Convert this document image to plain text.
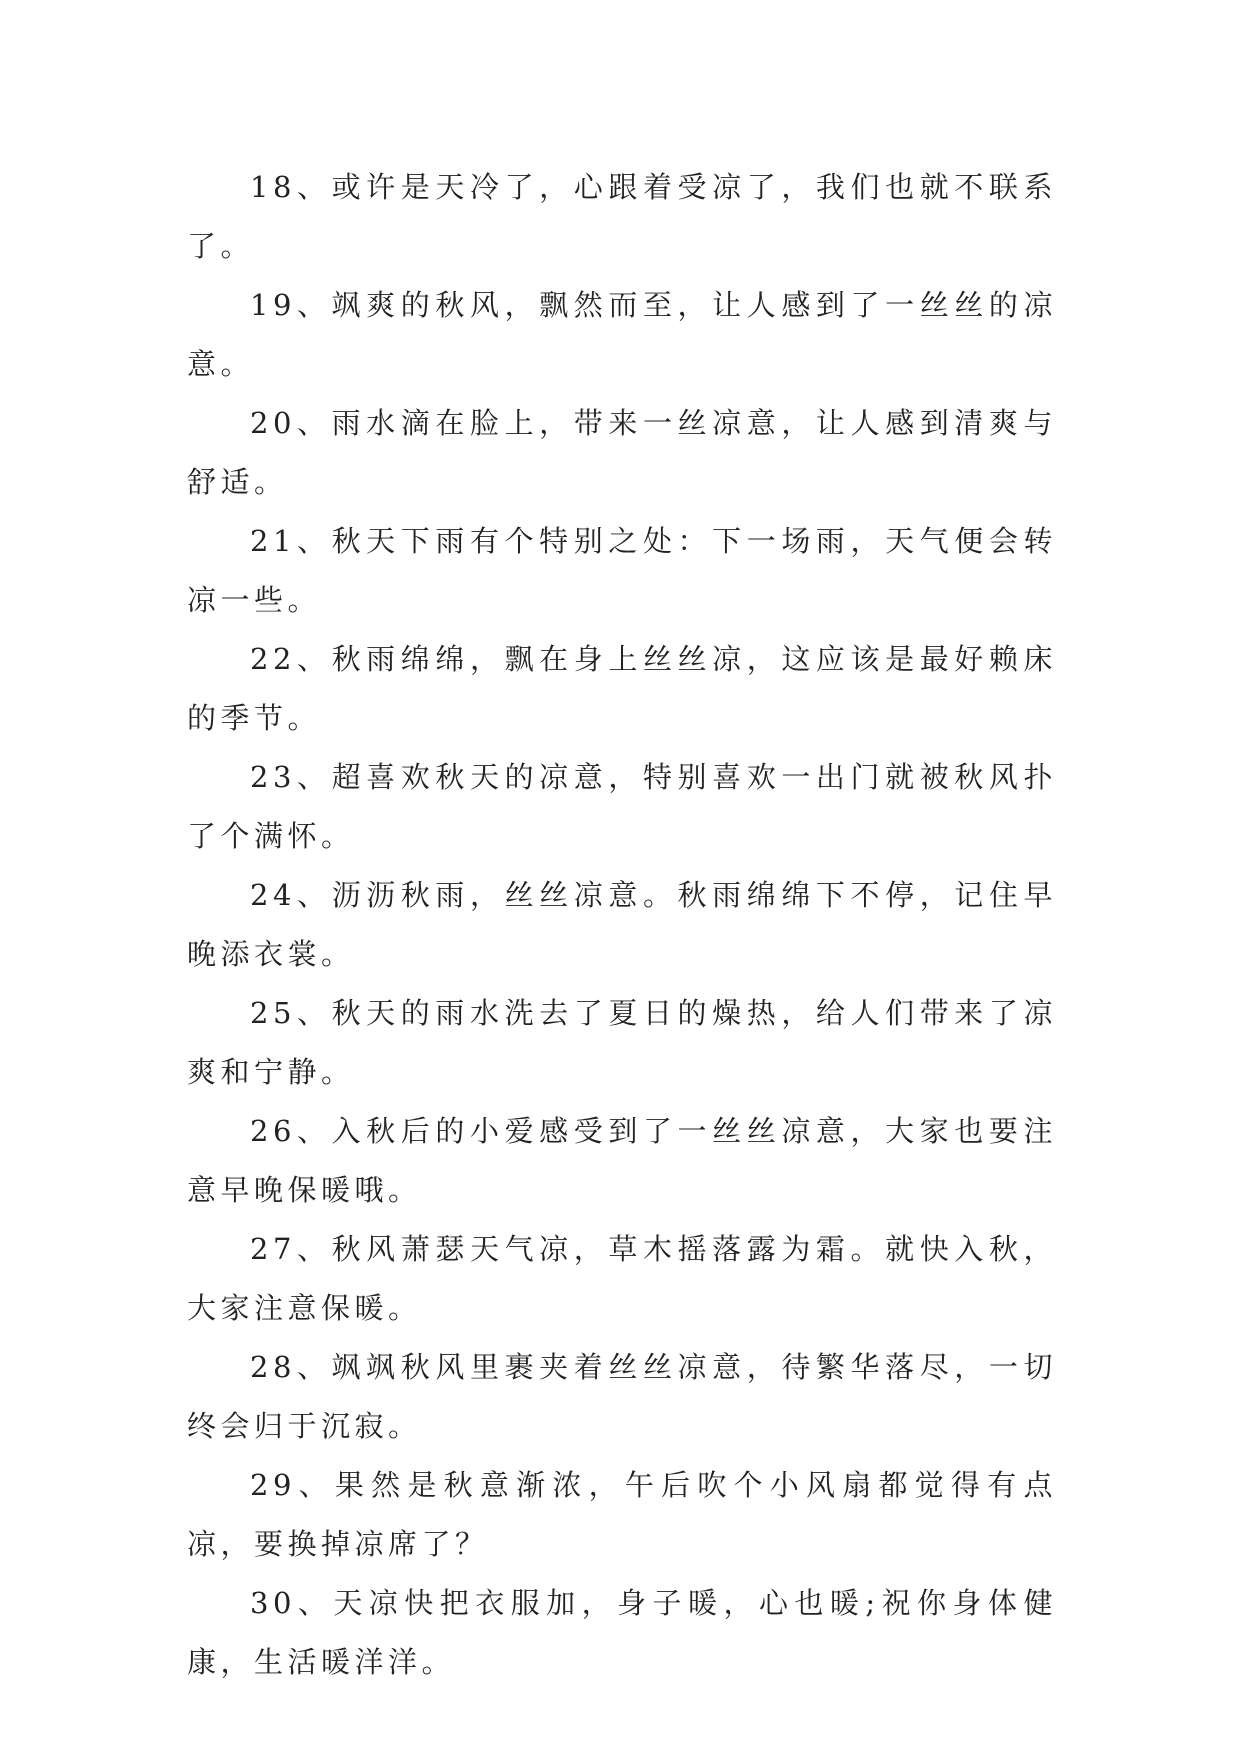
18、或许是天冷了，心跟着受凉了，我们也就不联系了。

19、飒爽的秋风，飘然而至，让人感到了一丝丝的凉意。

20、雨水滴在脸上，带来一丝凉意，让人感到清爽与舒适。

21、秋天下雨有个特别之处：下一场雨，天气便会转凉一些。

22、秋雨绵绵，飘在身上丝丝凉，这应该是最好赖床的季节。

23、超喜欢秋天的凉意，特别喜欢一出门就被秋风扑了个满怀。

24、沥沥秋雨，丝丝凉意。秋雨绵绵下不停，记住早晚添衣裳。

25、秋天的雨水洗去了夏日的燥热，给人们带来了凉爽和宁静。

26、入秋后的小爱感受到了一丝丝凉意，大家也要注意早晚保暖哦。

27、秋风萧瑟天气凉，草木摇落露为霜。就快入秋，大家注意保暖。

28、飒飒秋风里裹夹着丝丝凉意，待繁华落尽，一切终会归于沉寂。

29、果然是秋意渐浓，午后吹个小风扇都觉得有点凉，要换掉凉席了？

30、天凉快把衣服加，身子暖，心也暖;祝你身体健康，生活暖洋洋。
